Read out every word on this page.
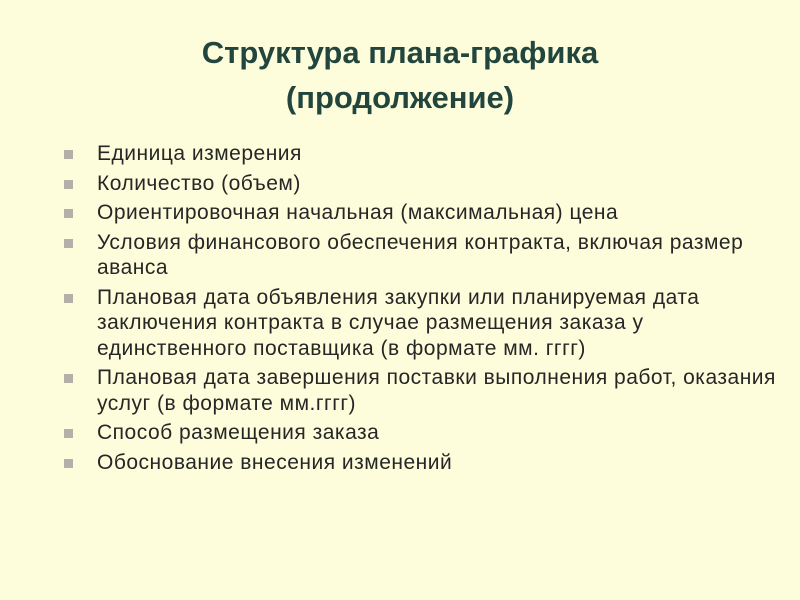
Структура плана-графика
(продолжение)
Единица измерения
Количество (объем)
Ориентировочная начальная (максимальная) цена
Условия финансового обеспечения контракта, включая размер аванса
Плановая дата объявления закупки или планируемая дата заключения контракта в случае размещения заказа у единственного поставщика (в формате мм. гггг)
Плановая дата завершения поставки выполнения работ, оказания услуг (в формате мм.гггг)
Способ размещения заказа
Обоснование внесения изменений
